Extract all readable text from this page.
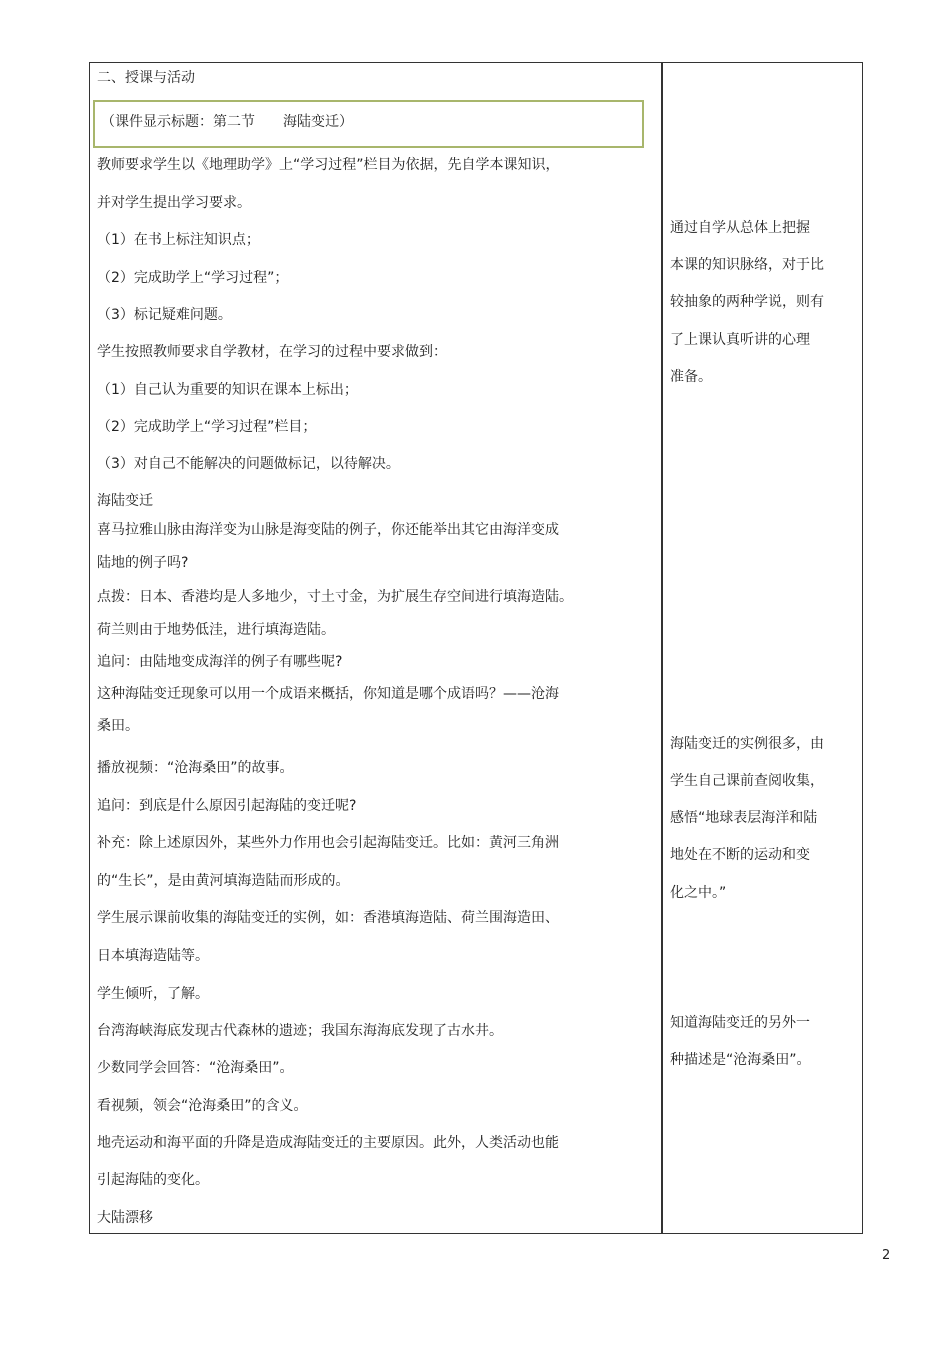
二、授课与活动
（课件显示标题：第二节　　海陆变迁）
教师要求学生以《地理助学》上“学习过程”栏目为依据，先自学本课知识，
并对学生提出学习要求。
（1）在书上标注知识点；
（2）完成助学上“学习过程”；
（3）标记疑难问题。
学生按照教师要求自学教材，在学习的过程中要求做到：
（1）自己认为重要的知识在课本上标出；
（2）完成助学上“学习过程”栏目；
（3）对自己不能解决的问题做标记，以待解决。
海陆变迁
喜马拉雅山脉由海洋变为山脉是海变陆的例子，你还能举出其它由海洋变成
陆地的例子吗?
点拨：日本、香港均是人多地少，寸土寸金，为扩展生存空间进行填海造陆。
荷兰则由于地势低洼，进行填海造陆。
追问：由陆地变成海洋的例子有哪些呢?
这种海陆变迁现象可以用一个成语来概括，你知道是哪个成语吗？——沧海
桑田。
播放视频：“沧海桑田”的故事。
追问：到底是什么原因引起海陆的变迁呢?
补充：除上述原因外，某些外力作用也会引起海陆变迁。比如：黄河三角洲
的“生长”，是由黄河填海造陆而形成的。
学生展示课前收集的海陆变迁的实例，如：香港填海造陆、荷兰围海造田、
日本填海造陆等。
学生倾听，了解。
台湾海峡海底发现古代森林的遗迹；我国东海海底发现了古水井。
少数同学会回答：“沧海桑田”。
看视频，领会“沧海桑田”的含义。
地壳运动和海平面的升降是造成海陆变迁的主要原因。此外，人类活动也能
引起海陆的变化。
大陆漂移
通过自学从总体上把握
本课的知识脉络，对于比
较抽象的两种学说，则有
了上课认真听讲的心理
准备。
海陆变迁的实例很多，由
学生自己课前查阅收集，
感悟“地球表层海洋和陆
地处在不断的运动和变
化之中。”
知道海陆变迁的另外一
种描述是“沧海桑田”。
2
